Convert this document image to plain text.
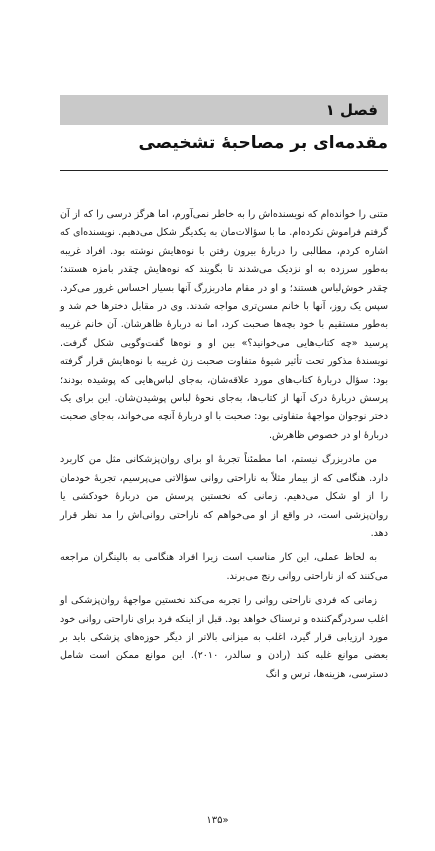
فصل ۱
مقدمه‌ای بر مصاحبهٔ تشخیصی

متنی را خوانده‌ام که نویسنده‌اش را به خاطر نمی‌آورم، اما هرگز درسی را که از آن گرفتم فراموش نکرده‌ام. ما با سؤالات‌مان به یکدیگر شکل می‌دهیم. نویسنده‌ای که اشاره کردم، مطالبی را دربارهٔ بیرون رفتن با نوه‌هایش نوشته بود. افراد غریبه به‌طور سرزده به او نزدیک می‌شدند تا بگویند که نوه‌هایش چقدر بامزه هستند؛ چقدر خوش‌لباس هستند؛ و او در مقام مادربزرگ آنها بسیار احساس غرور می‌کرد. سپس یک روز، آنها با خانم مسن‌تری مواجه شدند. وی در مقابل دخترها خم شد و به‌طور مستقیم با خود بچه‌ها صحبت کرد، اما نه دربارهٔ ظاهرشان. آن خانم غریبه پرسید «چه کتاب‌هایی می‌خوانید؟» بین او و نوه‌ها گفت‌وگویی شکل گرفت. نویسندهٔ مذکور تحت تأثیر شیوهٔ متفاوت صحبت زن غریبه با نوه‌هایش قرار گرفته بود: سؤال دربارهٔ کتاب‌های مورد علاقه‌شان، به‌جای لباس‌هایی که پوشیده بودند؛ پرسش دربارهٔ درک آنها از کتاب‌ها، به‌جای نحوهٔ لباس پوشیدن‌شان. این برای یک دختر نوجوان مواجههٔ متفاوتی بود: صحبت با او دربارهٔ آنچه می‌خواند، به‌جای صحبت دربارهٔ او در خصوص ظاهرش.

من مادربزرگ نیستم، اما مطمئناً تجربهٔ او برای روان‌پزشکانی مثل من کاربرد دارد. هنگامی که از بیمار مثلاً به ناراحتی روانی سؤالاتی می‌پرسیم، تجربهٔ خودمان را از او شکل می‌دهیم. زمانی که نخستین پرسش من دربارهٔ خودکشی یا روان‌پزشی است، در واقع از او می‌خواهم که ناراحتی روانی‌اش را مد نظر قرار دهد.

به لحاظ عملی، این کار مناسب است زیرا افراد هنگامی به بالینگران مراجعه می‌کنند که از ناراحتی روانی رنج می‌برند.

زمانی که فردی ناراحتی روانی را تجربه می‌کند نخستین مواجههٔ روان‌پزشکی او اغلب سردرگم‌کننده و ترسناک خواهد بود. قبل از اینکه فرد برای ناراحتی روانی خود مورد ارزیابی قرار گیرد، اغلب به میزانی بالاتر از دیگر حوزه‌های پزشکی باید بر بعضی موانع غلبه کند (رادن و سالدر، ۲۰۱۰). این موانع ممکن است شامل دسترسی، هزینه‌ها، ترس و انگ

«۱۳۵
